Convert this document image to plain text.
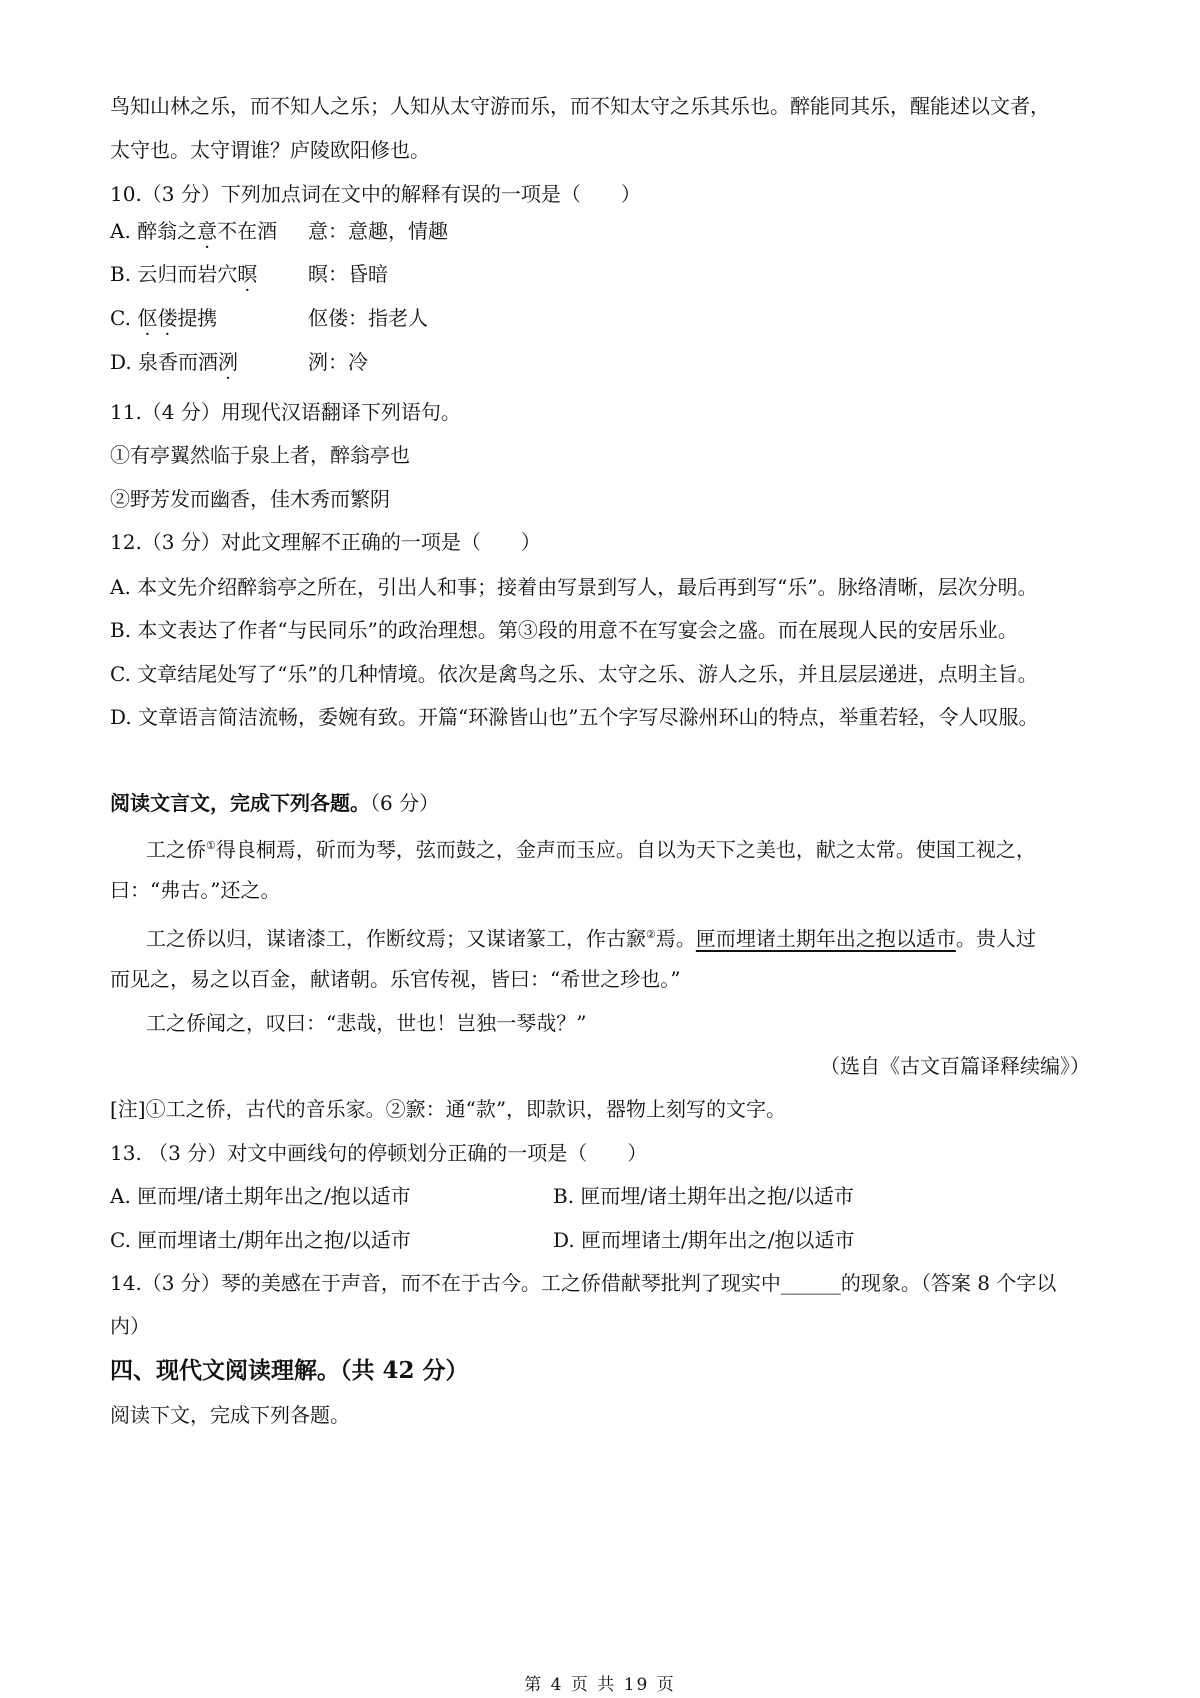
鸟知山林之乐，而不知人之乐；人知从太守游而乐，而不知太守之乐其乐也。醉能同其乐，醒能述以文者，
太守也。太守谓谁？庐陵欧阳修也。
10.（3 分）下列加点词在文中的解释有误的一项是（　　）
A. 醉翁之意不在酒 意：意趣，情趣
B. 云归而岩穴暝	暝：昏暗
C. 伛偻提携	伛偻：指老人
D. 泉香而酒洌	洌：冷
11.（4 分）用现代汉语翻译下列语句。
①有亭翼然临于泉上者，醉翁亭也
②野芳发而幽香，佳木秀而繁阴
12.（3 分）对此文理解不正确的一项是（　　）
A. 本文先介绍醉翁亭之所在，引出人和事；接着由写景到写人，最后再到写“乐”。脉络清晰，层次分明。
B. 本文表达了作者“与民同乐”的政治理想。第③段的用意不在写宴会之盛。而在展现人民的安居乐业。
C. 文章结尾处写了“乐”的几种情境。依次是禽鸟之乐、太守之乐、游人之乐，并且层层递进，点明主旨。
D. 文章语言简洁流畅，委婉有致。开篇“环滁皆山也”五个字写尽滁州环山的特点，举重若轻，令人叹服。
阅读文言文，完成下列各题。（6 分）
工之侨①得良桐焉，斫而为琴，弦而鼓之，金声而玉应。自以为天下之美也，献之太常。使国工视之，
曰：“弗古。”还之。
工之侨以归，谋诸漆工，作断纹焉；又谋诸篆工，作古窾②焉。匣而埋诸土期年出之抱以适市。贵人过
而见之，易之以百金，献诸朝。乐官传视，皆曰：“希世之珍也。”
工之侨闻之，叹曰：“悲哉，世也！岂独一琴哉？”
（选自《古文百篇译释续编》）
[注]①工之侨，古代的音乐家。②窾：通“款”，即款识，器物上刻写的文字。
13. （3 分）对文中画线句的停顿划分正确的一项是（　　）
A. 匣而埋/诸土期年出之/抱以适市	B. 匣而埋/诸土期年出之抱/以适市
C. 匣而埋诸土/期年出之抱/以适市	D. 匣而埋诸土/期年出之/抱以适市
14.（3 分）琴的美感在于声音，而不在于古今。工之侨借献琴批判了现实中______的现象。（答案 8 个字以
内）
四、现代文阅读理解。（共 42 分）
阅读下文，完成下列各题。
第 4 页 共 19 页
